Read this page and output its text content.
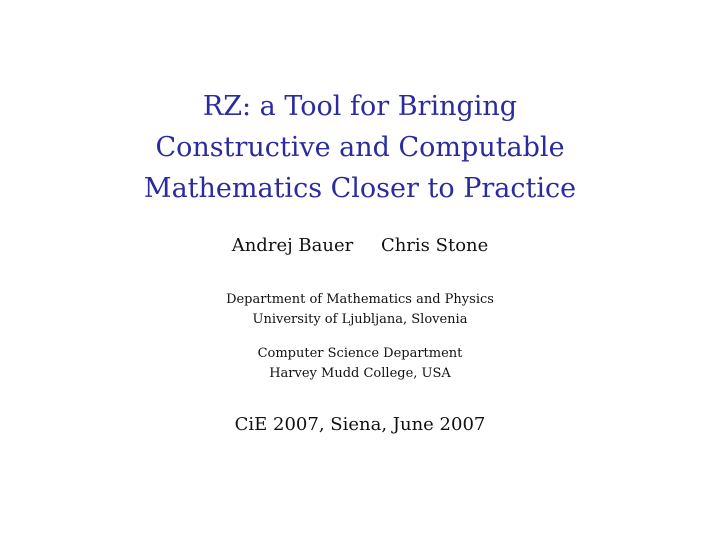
RZ: a Tool for Bringing
Constructive and Computable
Mathematics Closer to Practice
Andrej Bauer Chris Stone
Department of Mathematics and Physics
University of Ljubljana, Slovenia
Computer Science Department
Harvey Mudd College, USA
CiE 2007, Siena, June 2007
